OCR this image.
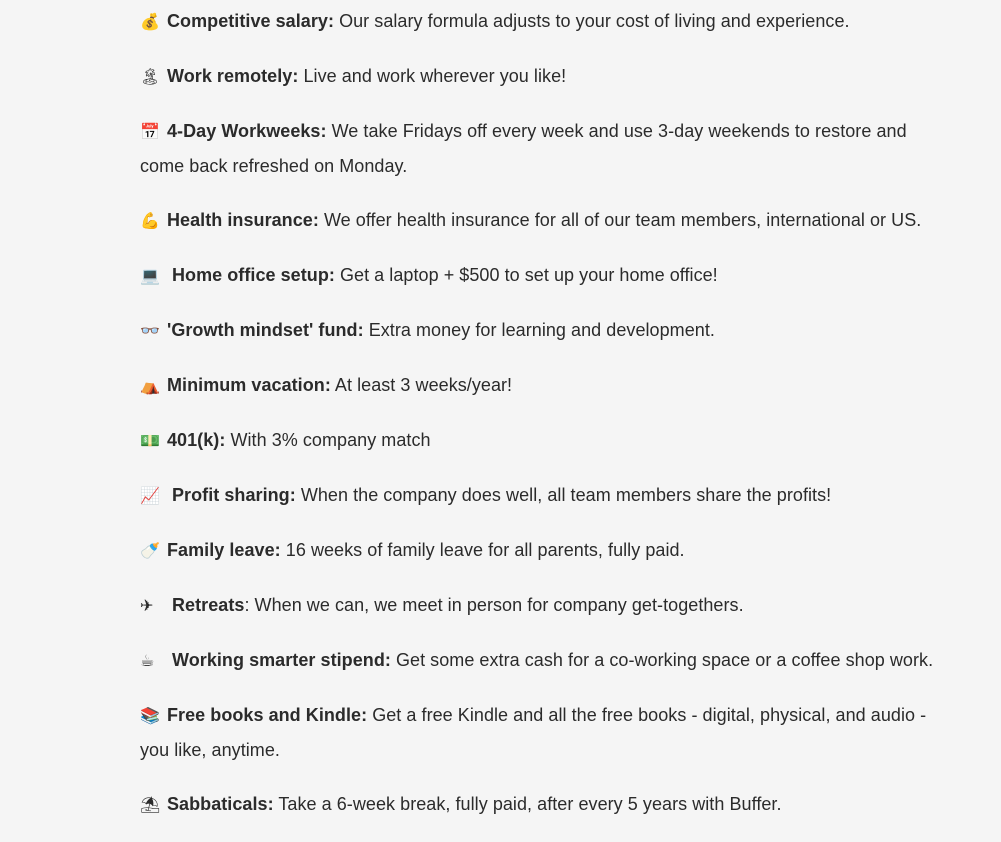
💰 Competitive salary: Our salary formula adjusts to your cost of living and experience.

🏝 Work remotely: Live and work wherever you like!

📅 4-Day Workweeks: We take Fridays off every week and use 3-day weekends to restore and come back refreshed on Monday.

💪 Health insurance: We offer health insurance for all of our team members, international or US.

💻 Home office setup: Get a laptop + $500 to set up your home office!

👓 'Growth mindset' fund: Extra money for learning and development.

⛺ Minimum vacation: At least 3 weeks/year!

💵 401(k): With 3% company match

📈 Profit sharing: When the company does well, all team members share the profits!

🍼 Family leave: 16 weeks of family leave for all parents, fully paid.

✈ Retreats: When we can, we meet in person for company get-togethers.

☕ Working smarter stipend: Get some extra cash for a co-working space or a coffee shop work.

📚 Free books and Kindle: Get a free Kindle and all the free books - digital, physical, and audio - you like, anytime.

⛱ Sabbaticals: Take a 6-week break, fully paid, after every 5 years with Buffer.
